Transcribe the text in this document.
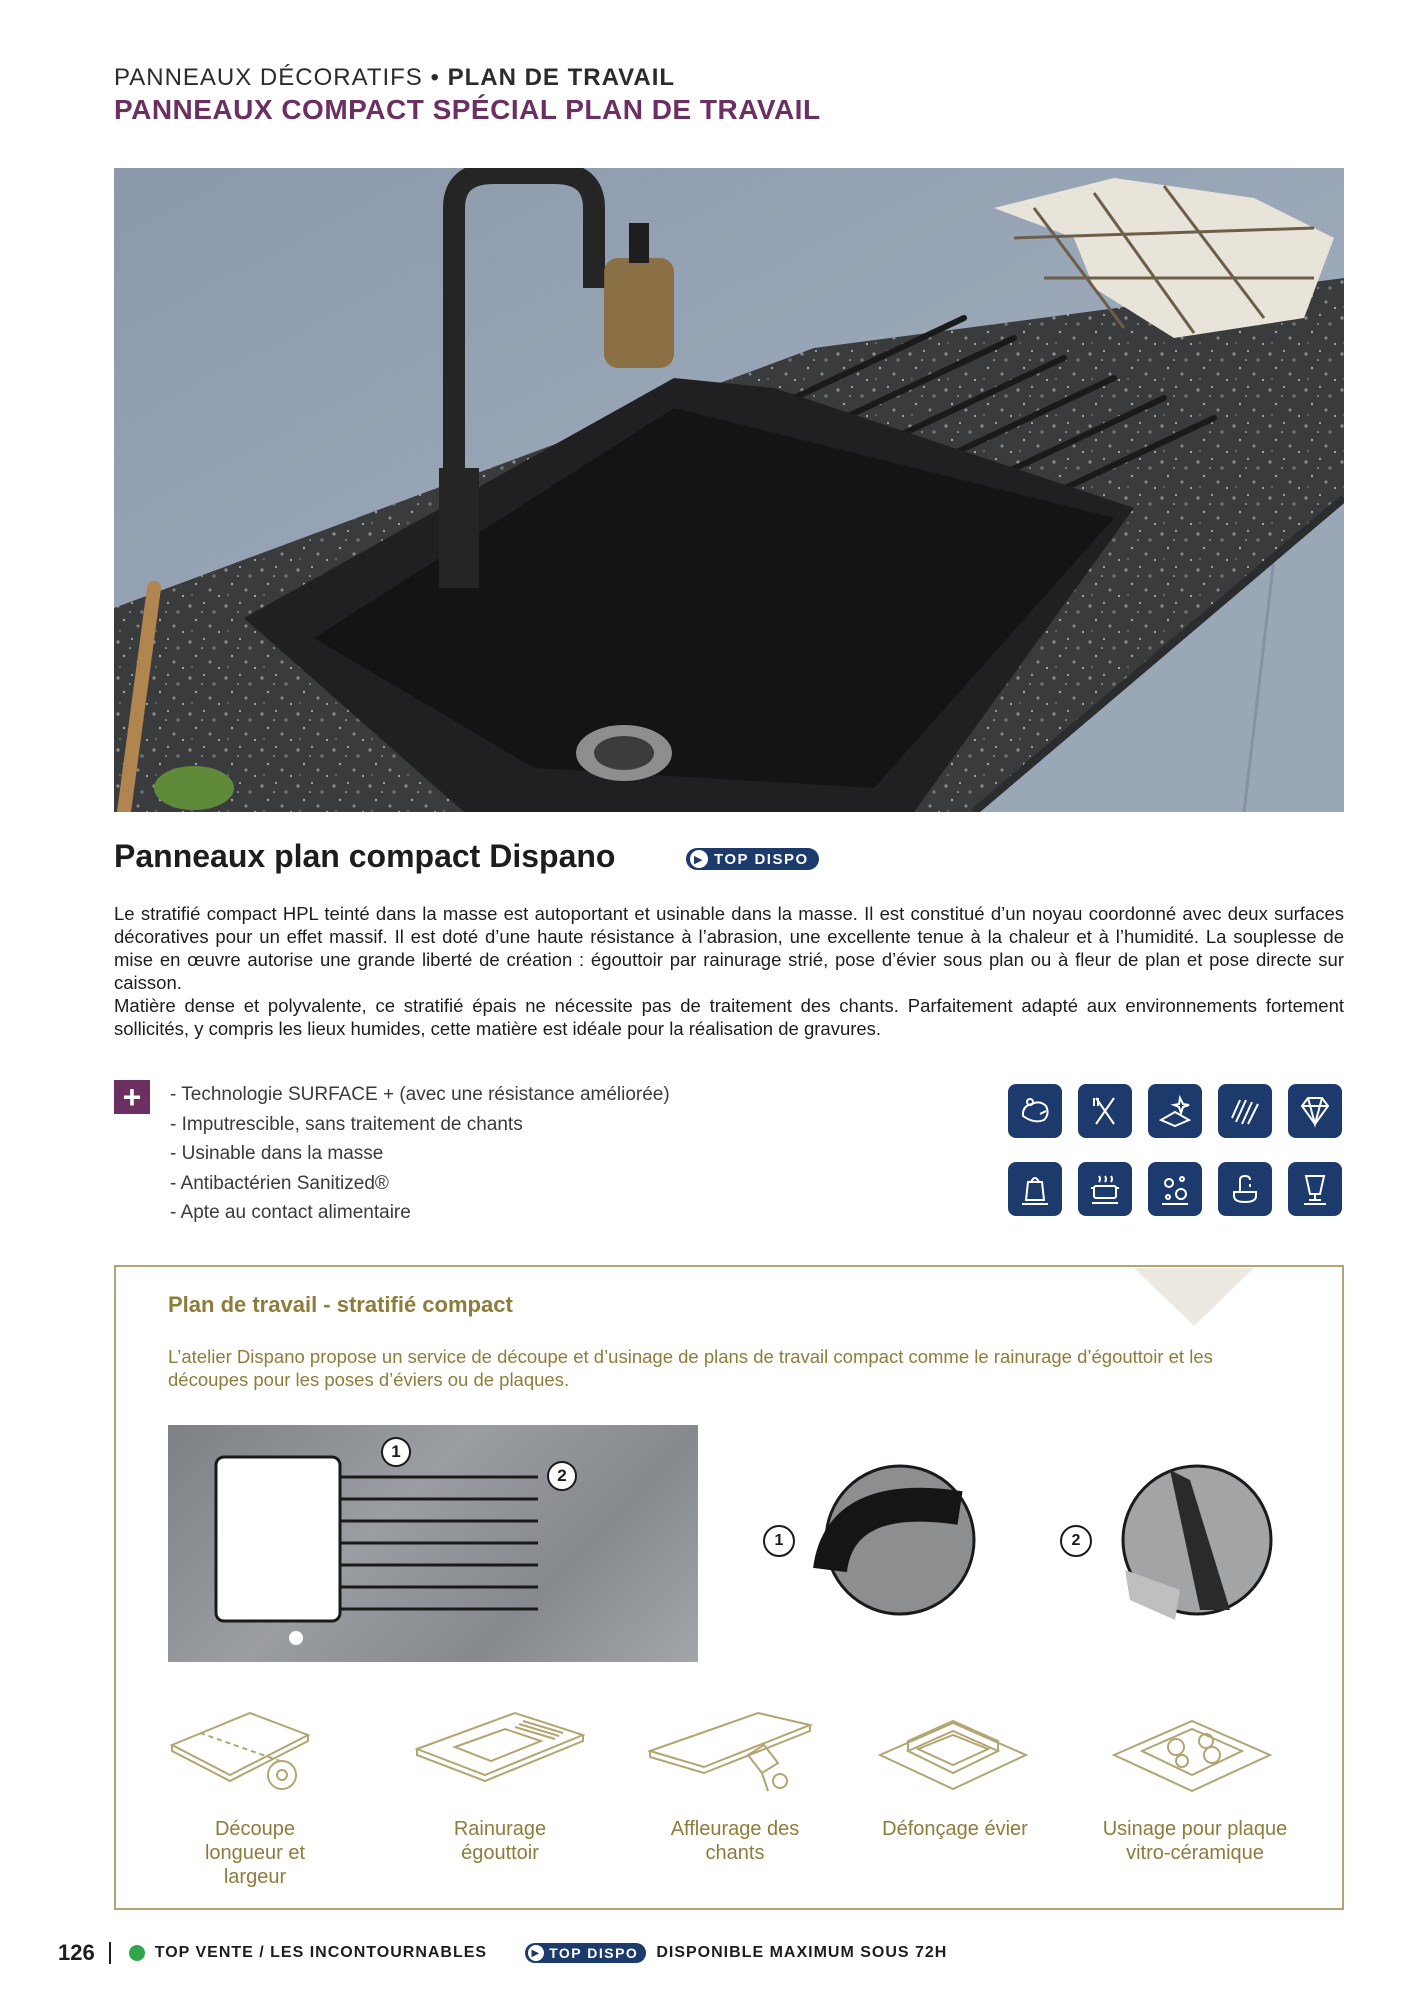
PANNEAUX DÉCORATIFS • PLAN DE TRAVAIL
PANNEAUX COMPACT SPÉCIAL PLAN DE TRAVAIL
Panneaux plan compact Dispano	▶ TOP DISPO

Le stratifié compact HPL teinté dans la masse est autoportant et usinable dans la masse. Il est constitué d’un noyau coordonné avec deux surfaces décoratives pour un effet massif. Il est doté d’une haute résistance à l’abrasion, une excellente tenue à la chaleur et à l’humidité. La souplesse de mise en œuvre autorise une grande liberté de création : égouttoir par rainurage strié, pose d’évier sous plan ou à fleur de plan et pose directe sur caisson.

Matière dense et polyvalente, ce stratifié épais ne nécessite pas de traitement des chants. Parfaitement adapté aux environnements fortement sollicités, y compris les lieux humides, cette matière est idéale pour la réalisation de gravures.

+	- Technologie SURFACE + (avec une résistance améliorée)
- Imputrescible, sans traitement de chants
- Usinable dans la masse
- Antibactérien Sanitized®
- Apte au contact alimentaire
Plan de travail - stratifié compact
L’atelier Dispano propose un service de découpe et d’usinage de plans de travail compact comme le rainurage d’égouttoir et les découpes pour les poses d’éviers ou de plaques.
1
2
1	2
Découpe longueur et largeur
Rainurage égouttoir
Affleurage des chants
Défonçage évier	Usinage pour plaque vitro-céramique
126	TOP VENTE / LES INCONTOURNABLES	▶ TOP DISPO DISPONIBLE MAXIMUM SOUS 72H
